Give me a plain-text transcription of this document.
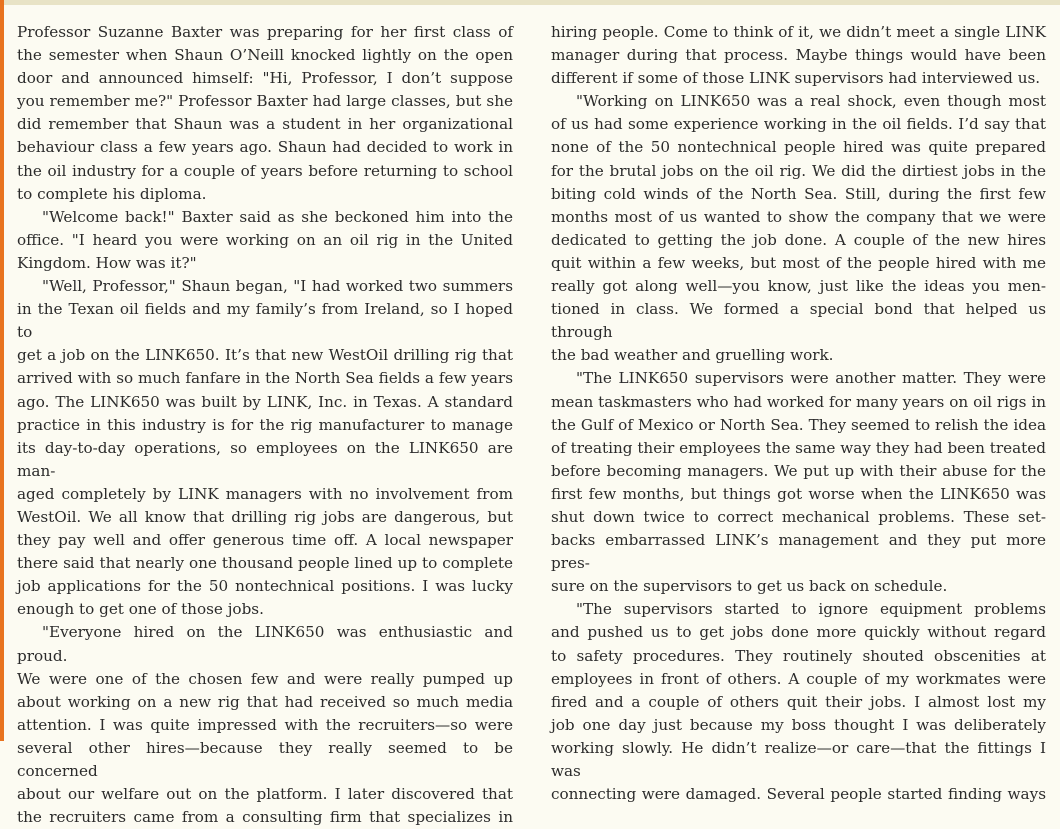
Professor Suzanne Baxter was preparing for her first class of
the semester when Shaun O’Neill knocked lightly on the open
door and announced himself: "Hi, Professor, I don’t suppose
you remember me?" Professor Baxter had large classes, but she
did remember that Shaun was a student in her organizational
behaviour class a few years ago. Shaun had decided to work in
the oil industry for a couple of years before returning to school
to complete his diploma.

"Welcome back!" Baxter said as she beckoned him into the
office. "I heard you were working on an oil rig in the United
Kingdom. How was it?"

"Well, Professor," Shaun began, "I had worked two summers
in the Texan oil fields and my family’s from Ireland, so I hoped to
get a job on the LINK650. It’s that new WestOil drilling rig that
arrived with so much fanfare in the North Sea fields a few years
ago. The LINK650 was built by LINK, Inc. in Texas. A standard
practice in this industry is for the rig manufacturer to manage
its day-to-day operations, so employees on the LINK650 are man-
aged completely by LINK managers with no involvement from
WestOil. We all know that drilling rig jobs are dangerous, but
they pay well and offer generous time off. A local newspaper
there said that nearly one thousand people lined up to complete
job applications for the 50 nontechnical positions. I was lucky
enough to get one of those jobs.

"Everyone hired on the LINK650 was enthusiastic and proud.
We were one of the chosen few and were really pumped up
about working on a new rig that had received so much media
attention. I was quite impressed with the recruiters—so were
several other hires—because they really seemed to be concerned
about our welfare out on the platform. I later discovered that
the recruiters came from a consulting firm that specializes in

hiring people. Come to think of it, we didn’t meet a single LINK
manager during that process. Maybe things would have been
different if some of those LINK supervisors had interviewed us.

"Working on LINK650 was a real shock, even though most
of us had some experience working in the oil fields. I’d say that
none of the 50 nontechnical people hired was quite prepared
for the brutal jobs on the oil rig. We did the dirtiest jobs in the
biting cold winds of the North Sea. Still, during the first few
months most of us wanted to show the company that we were
dedicated to getting the job done. A couple of the new hires
quit within a few weeks, but most of the people hired with me
really got along well—you know, just like the ideas you men-
tioned in class. We formed a special bond that helped us through
the bad weather and gruelling work.

"The LINK650 supervisors were another matter. They were
mean taskmasters who had worked for many years on oil rigs in
the Gulf of Mexico or North Sea. They seemed to relish the idea
of treating their employees the same way they had been treated
before becoming managers. We put up with their abuse for the
first few months, but things got worse when the LINK650 was
shut down twice to correct mechanical problems. These set-
backs embarrassed LINK’s management and they put more pres-
sure on the supervisors to get us back on schedule.

"The supervisors started to ignore equipment problems
and pushed us to get jobs done more quickly without regard
to safety procedures. They routinely shouted obscenities at
employees in front of others. A couple of my workmates were
fired and a couple of others quit their jobs. I almost lost my
job one day just because my boss thought I was deliberately
working slowly. He didn’t realize—or care—that the fittings I was
connecting were damaged. Several people started finding ways
